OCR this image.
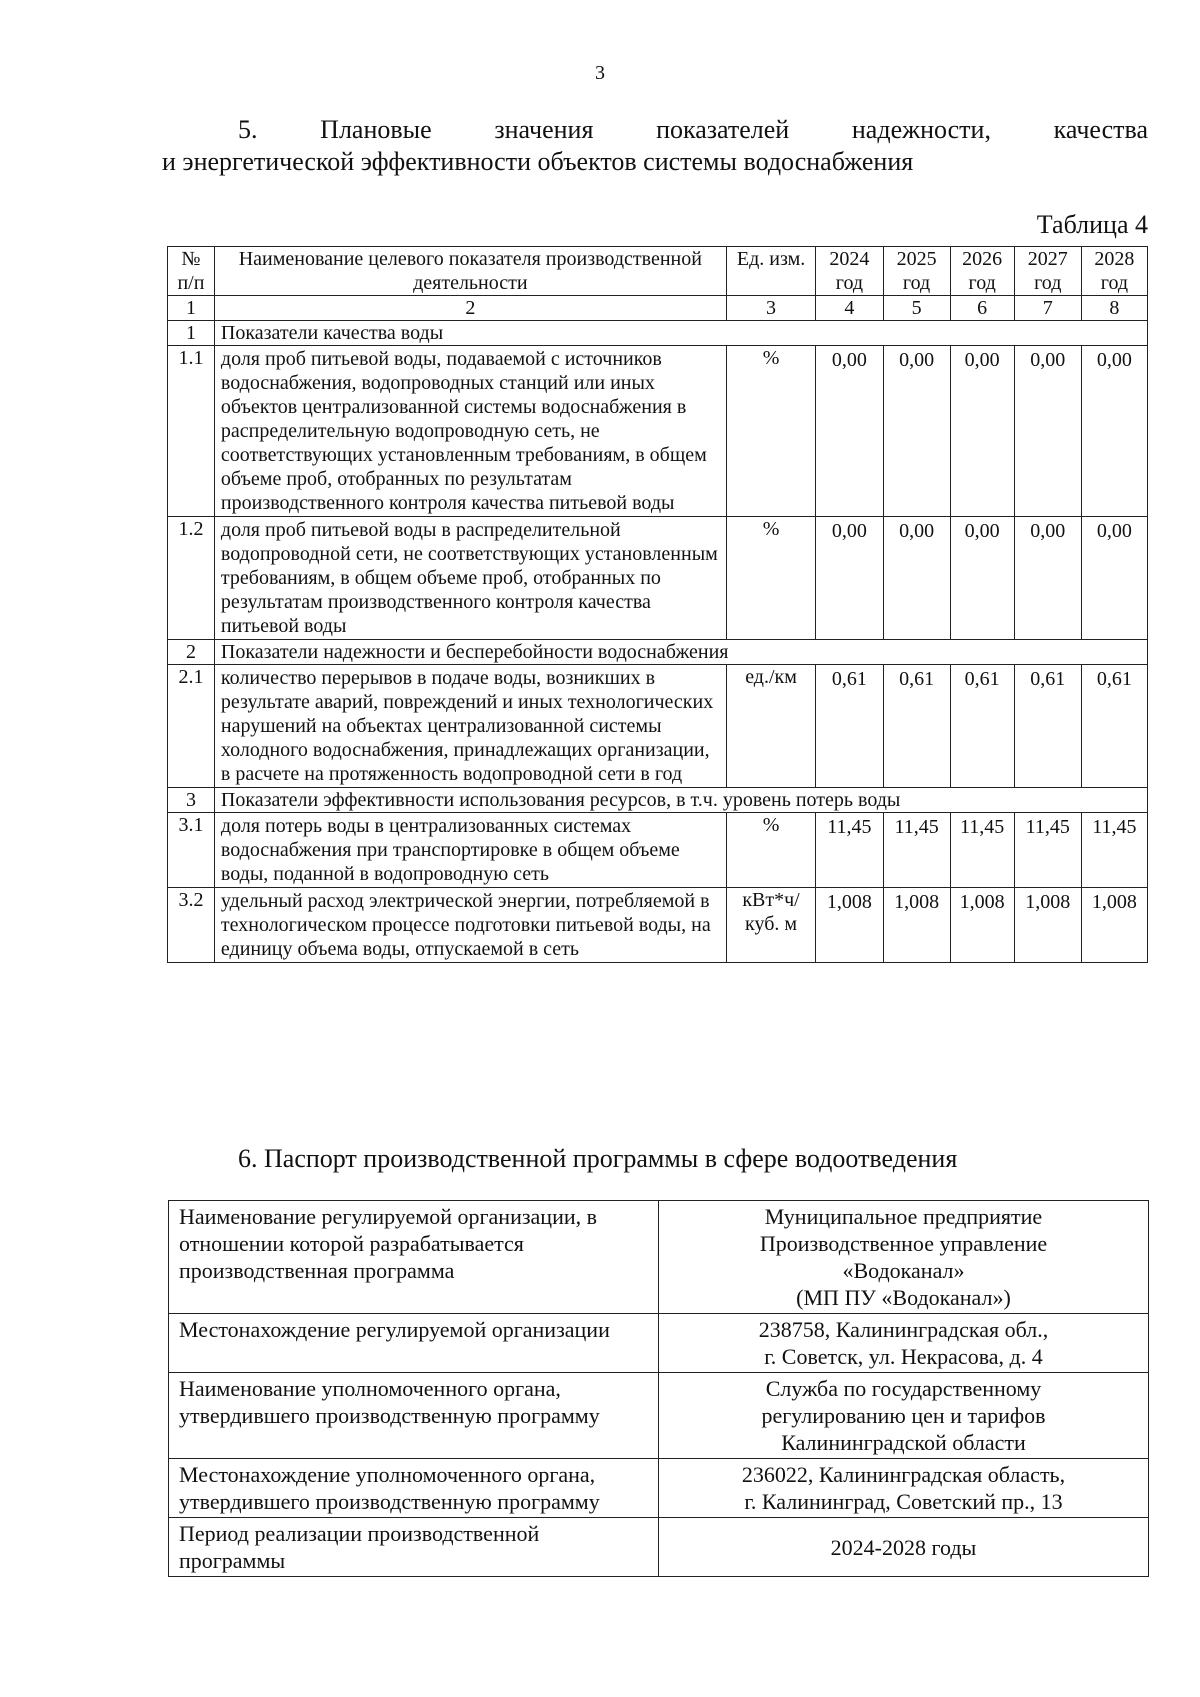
3
5. Плановые значения показателей надежности, качества
и энергетической эффективности объектов системы водоснабжения
Таблица 4
№ п/п	Наименование целевого показателя производственной деятельности	Ед. изм.	2024 год	2025 год	2026 год	2027 год	2028 год
1	2	3	4	5	6	7	8
1	Показатели качества воды						
1.1	доля проб питьевой воды, подаваемой с источников водоснабжения, водопроводных станций или иных объектов централизованной системы водоснабжения в распределительную водопроводную сеть, не соответствующих установленным требованиям, в общем объеме проб, отобранных по результатам производственного контроля качества питьевой воды	%	0,00	0,00	0,00	0,00	0,00
1.2	доля проб питьевой воды в распределительной водопроводной сети, не соответствующих установленным требованиям, в общем объеме проб, отобранных по результатам производственного контроля качества питьевой воды	%	0,00	0,00	0,00	0,00	0,00
2	Показатели надежности и бесперебойности водоснабжения						
2.1	количество перерывов в подаче воды, возникших в результате аварий, повреждений и иных технологических нарушений на объектах централизованной системы холодного водоснабжения, принадлежащих организации, в расчете на протяженность водопроводной сети в год	ед./км	0,61	0,61	0,61	0,61	0,61
3	Показатели эффективности использования ресурсов, в т.ч. уровень потерь воды						
3.1	доля потерь воды в централизованных системах водоснабжения при транспортировке в общем объеме воды, поданной в водопроводную сеть	%	11,45	11,45	11,45	11,45	11,45
3.2	удельный расход электрической энергии, потребляемой в технологическом процессе подготовки питьевой воды, на единицу объема воды, отпускаемой в сеть	кВт*ч/ куб. м	1,008	1,008	1,008	1,008	1,008
6. Паспорт производственной программы в сфере водоотведения
Наименование регулируемой организации, в отношении которой разрабатывается производственная программа	Муниципальное предприятие
Производственное управление
«Водоканал»
(МП ПУ «Водоканал»)

Местонахождение регулируемой организации	238758, Калининградская обл.,
г. Советск, ул. Некрасова, д. 4

Наименование уполномоченного органа, утвердившего производственную программу	Служба по государственному
регулированию цен и тарифов
Калининградской области

Местонахождение уполномоченного органа, утвердившего производственную программу	236022, Калининградская область,
г. Калининград, Советский пр., 13

Период реализации производственной программы	2024-2028 годы
